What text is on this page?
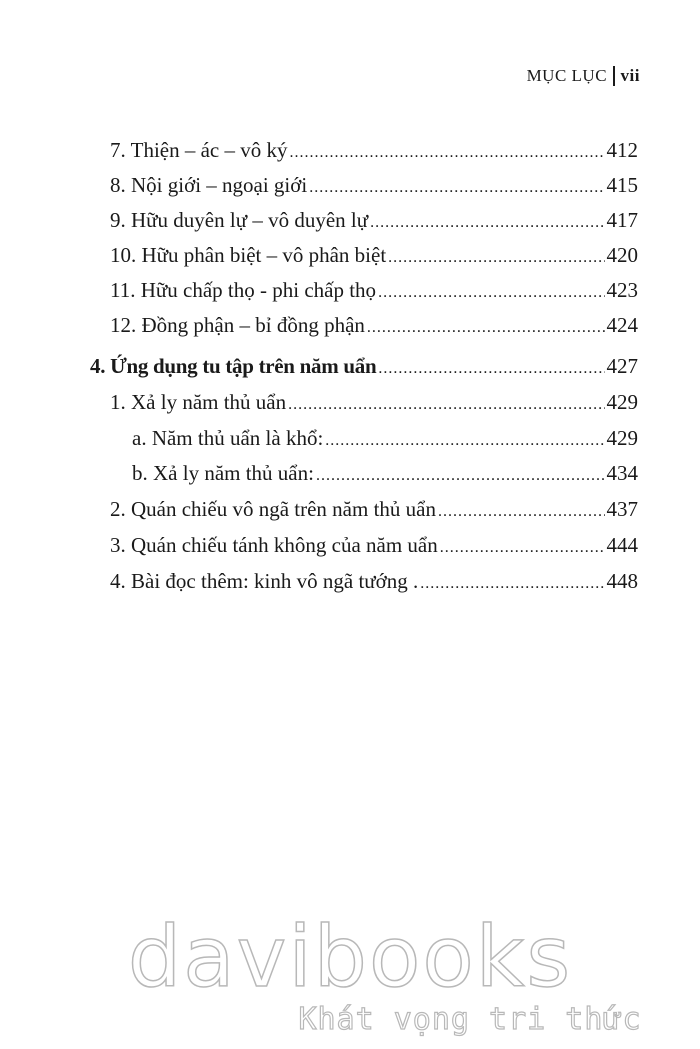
MỤC LỤC vii
7. Thiện – ác – vô ký .....	412
8. Nội giới – ngoại giới .....	415
9. Hữu duyên lự – vô duyên lự .....	417
10. Hữu phân biệt – vô phân biệt .....	420
11. Hữu chấp thọ - phi chấp thọ .....	423
12. Đồng phận – bỉ đồng phận .....	424
4. Ứng dụng tu tập trên năm uẩn .....	427
1. Xả ly năm thủ uẩn .....	429
a. Năm thủ uẩn là khổ: .....	429
b. Xả ly năm thủ uẩn: .....	434
2. Quán chiếu vô ngã trên năm thủ uẩn .....	437
3. Quán chiếu tánh không của năm uẩn .....	444
4. Bài đọc thêm: kinh vô ngã tướng . .....	448
davibooks
Khát vọng tri thức
